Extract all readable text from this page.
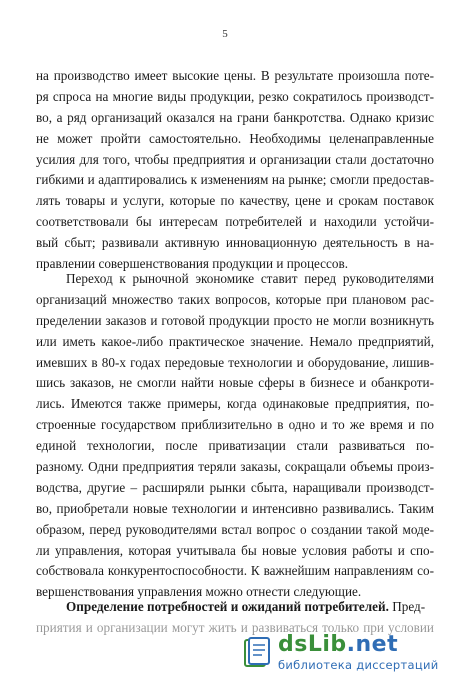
5
на производство имеет высокие цены. В результате произошла поте-
ря спроса на многие виды продукции, резко сократилось производст-
во, а ряд организаций оказался на грани банкротства. Однако кризис
не может пройти самостоятельно. Необходимы целенаправленные
усилия для того, чтобы предприятия и организации стали достаточно
гибкими и адаптировались к изменениям на рынке; смогли предостав-
лять товары и услуги, которые по качеству, цене и срокам поставок
соответствовали бы интересам потребителей и находили устойчи-
вый сбыт; развивали активную инновационную деятельность в на-
правлении совершенствования продукции и процессов.
Переход к рыночной экономике ставит перед руководителями
организаций множество таких вопросов, которые при плановом рас-
пределении заказов и готовой продукции просто не могли возникнуть
или иметь какое-либо практическое значение. Немало предприятий,
имевших в 80-х годах передовые технологии и оборудование, лишив-
шись заказов, не смогли найти новые сферы в бизнесе и обанкроти-
лись. Имеются также примеры, когда одинаковые предприятия, по-
строенные государством приблизительно в одно и то же время и по
единой технологии, после приватизации стали развиваться по-
разному. Одни предприятия теряли заказы, сокращали объемы произ-
водства, другие – расширяли рынки сбыта, наращивали производст-
во, приобретали новые технологии и интенсивно развивались. Таким
образом, перед руководителями встал вопрос о создании такой моде-
ли управления, которая учитывала бы новые условия работы и спо-
собствовала конкурентоспособности. К важнейшим направлениям со-
вершенствования управления можно отнести следующие.
Определение потребностей и ожиданий потребителей. Пред-
приятия и организации могут жить и развиваться только при условии
dsLib.net
библиотека диссертаций
